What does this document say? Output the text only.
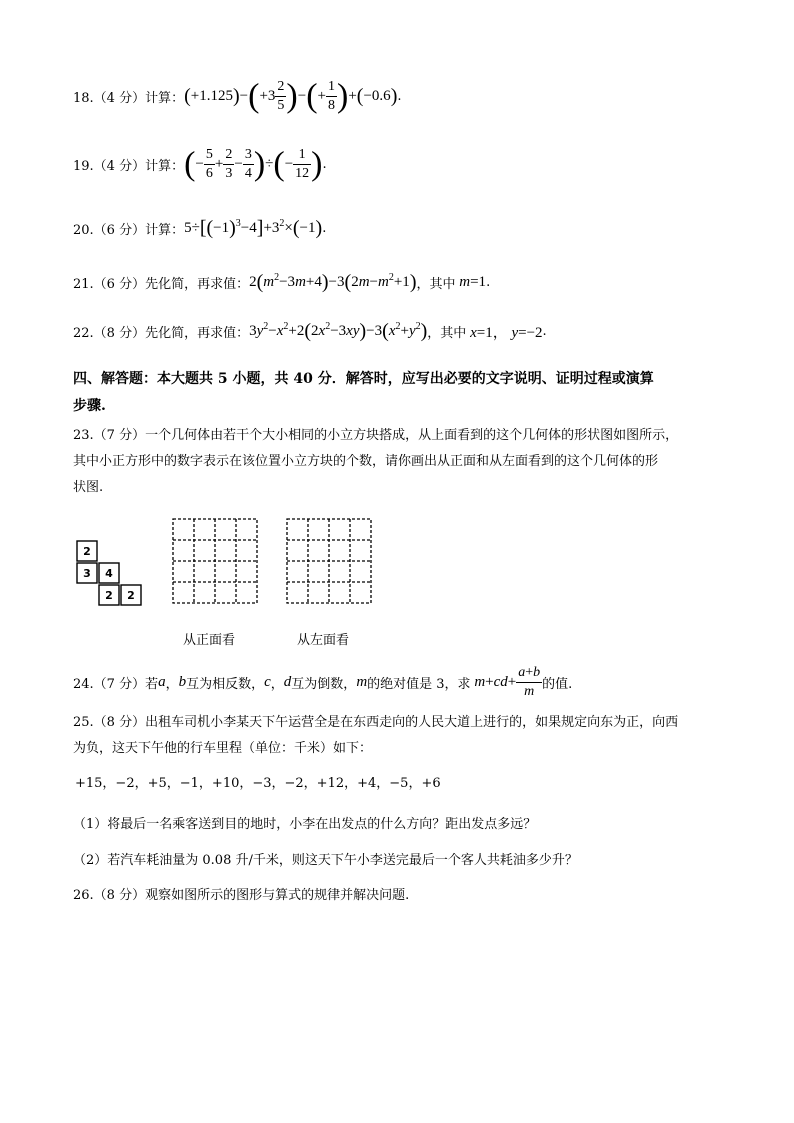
18.（4 分）计算： $(+1.125)-(+3 \frac{2}{5}$ )−(+ $\frac{1}{8} )+(-0.6)$ .
19.（4 分）计算： (− $\frac{5}{6} + \frac{2}{3} - \frac{3}{4}$ )÷(− $\frac{1}{12}$ ) .
20.（6 分）计算： $5\div[(-1)^3-4]+3^2\times(-1)$ .
21.（6 分）先化简，再求值： $2(m^2-3m+4)-3(2m-m^2+1)$ ，其中 m=1 .
22.（8 分）先化简，再求值： $3y^2-x^2+2(2x^2-3xy)-3(x^2+y^2)$ ，其中 x=1， y=−2 .
四、解答题：本大题共 5 小题，共 40 分．解答时，应写出必要的文字说明、证明过程或演算
步骤.
23.（7 分）一个几何体由若干个大小相同的小立方块搭成，从上面看到的这个几何体的形状图如图所示，
其中小正方形中的数字表示在该位置小立方块的个数，请你画出从正面和从左面看到的这个几何体的形
状图.
2
3 4
2 2
从正面看	从左面看
24.（7 分）若 a ， b 互为相反数， c ， d 互为倒数， m 的绝对值是 3，求 $m+cd+ \frac{a+b}{m}$ 的值.
25.（8 分）出租车司机小李某天下午运营全是在东西走向的人民大道上进行的，如果规定向东为正，向西
为负，这天下午他的行车里程（单位：千米）如下：
+15，−2，+5，−1，+10，−3，−2，+12，+4，−5，+6
（1）将最后一名乘客送到目的地时，小李在出发点的什么方向？距出发点多远？
（2）若汽车耗油量为 0.08 升/千米，则这天下午小李送完最后一个客人共耗油多少升？
26.（8 分）观察如图所示的图形与算式的规律并解决问题.
